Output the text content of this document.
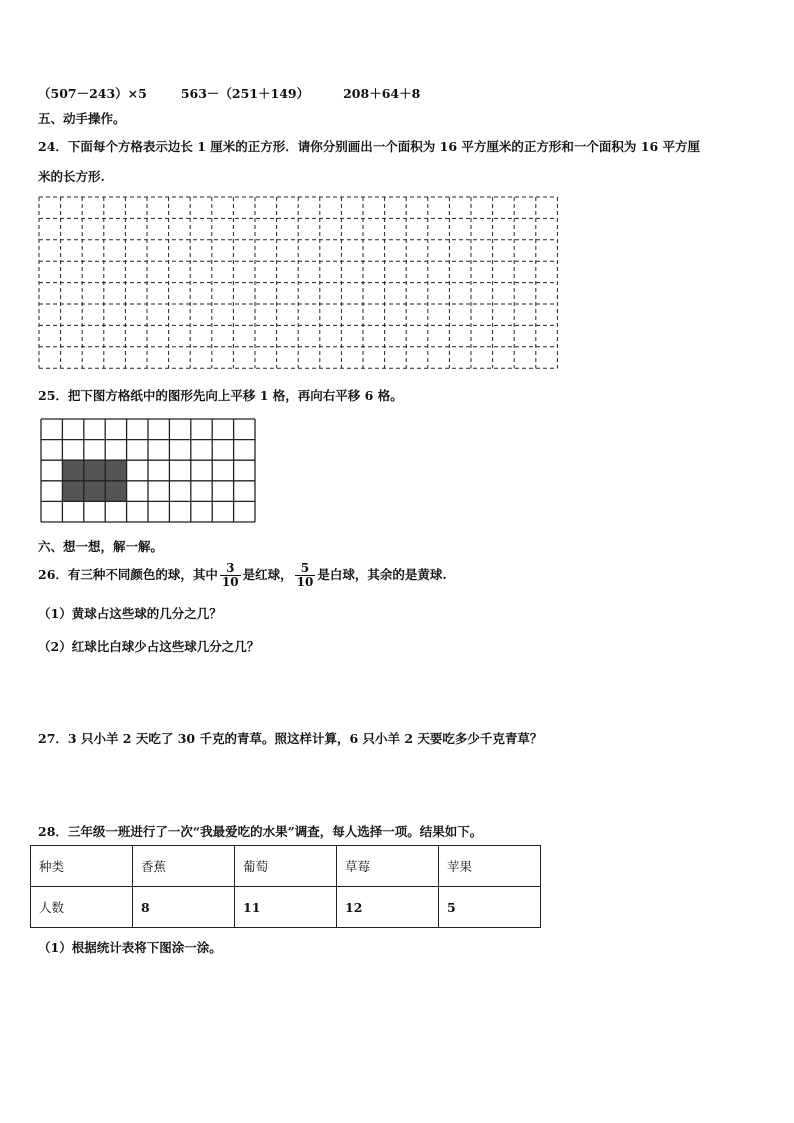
（507－243）×5	563－（251＋149）	208＋64＋8
五、动手操作。
24．下面每个方格表示边长 1 厘米的正方形．请你分别画出一个面积为 16 平方厘米的正方形和一个面积为 16 平方厘
米的长方形.
25．把下图方格纸中的图形先向上平移 1 格，再向右平移 6 格。
六、想一想，解一解。
26．有三种不同颜色的球，其中 $\frac{3}{10}$ 是红球， $\frac{5}{10}$ 是白球，其余的是黄球.
（1）黄球占这些球的几分之几？
（2）红球比白球少占这些球几分之几？
27．3 只小羊 2 天吃了 30 千克的青草。照这样计算，6 只小羊 2 天要吃多少千克青草？
28．三年级一班进行了一次“我最爱吃的水果”调查，每人选择一项。结果如下。
种类	香蕉	葡萄	草莓	苹果
人数	8	11	12	5
（1）根据统计表将下图涂一涂。
